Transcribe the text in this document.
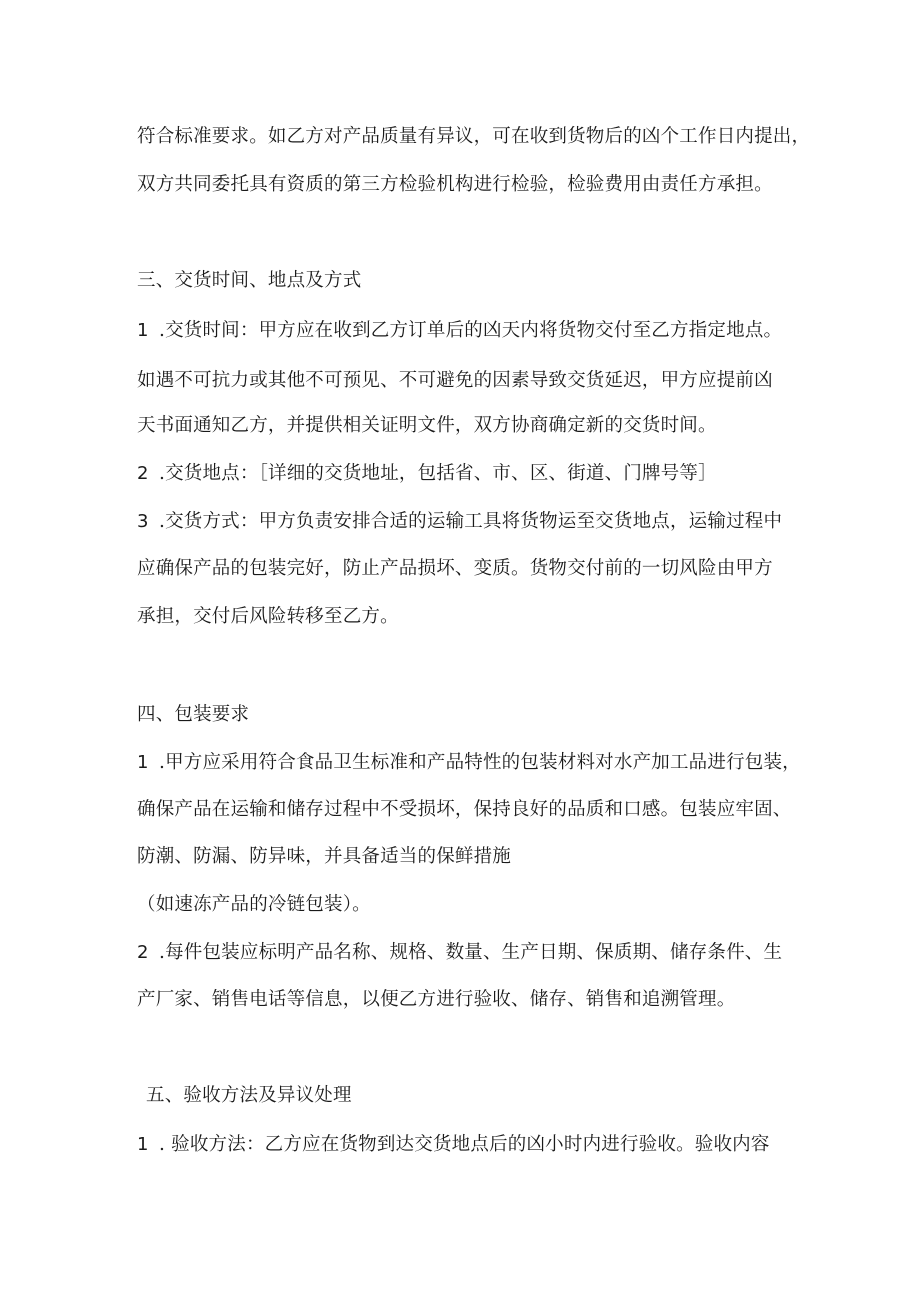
符合标准要求。如乙方对产品质量有异议，可在收到货物后的凶个工作日内提出，
双方共同委托具有资质的第三方检验机构进行检验，检验费用由责任方承担。
三、交货时间、地点及方式
1 .交货时间：甲方应在收到乙方订单后的凶天内将货物交付至乙方指定地点。
如遇不可抗力或其他不可预见、不可避免的因素导致交货延迟，甲方应提前凶
天书面通知乙方，并提供相关证明文件，双方协商确定新的交货时间。
2 .交货地点：［详细的交货地址，包括省、市、区、街道、门牌号等］
3 .交货方式：甲方负责安排合适的运输工具将货物运至交货地点，运输过程中
应确保产品的包装完好，防止产品损坏、变质。货物交付前的一切风险由甲方
承担，交付后风险转移至乙方。
四、包装要求
1 .甲方应采用符合食品卫生标准和产品特性的包装材料对水产加工品进行包装，
确保产品在运输和储存过程中不受损坏，保持良好的品质和口感。包装应牢固、
防潮、防漏、防异味，并具备适当的保鲜措施
（如速冻产品的冷链包装）。
2 .每件包装应标明产品名称、规格、数量、生产日期、保质期、储存条件、生
产厂家、销售电话等信息，以便乙方进行验收、储存、销售和追溯管理。
五、验收方法及异议处理
1 . 验收方法：乙方应在货物到达交货地点后的凶小时内进行验收。验收内容
